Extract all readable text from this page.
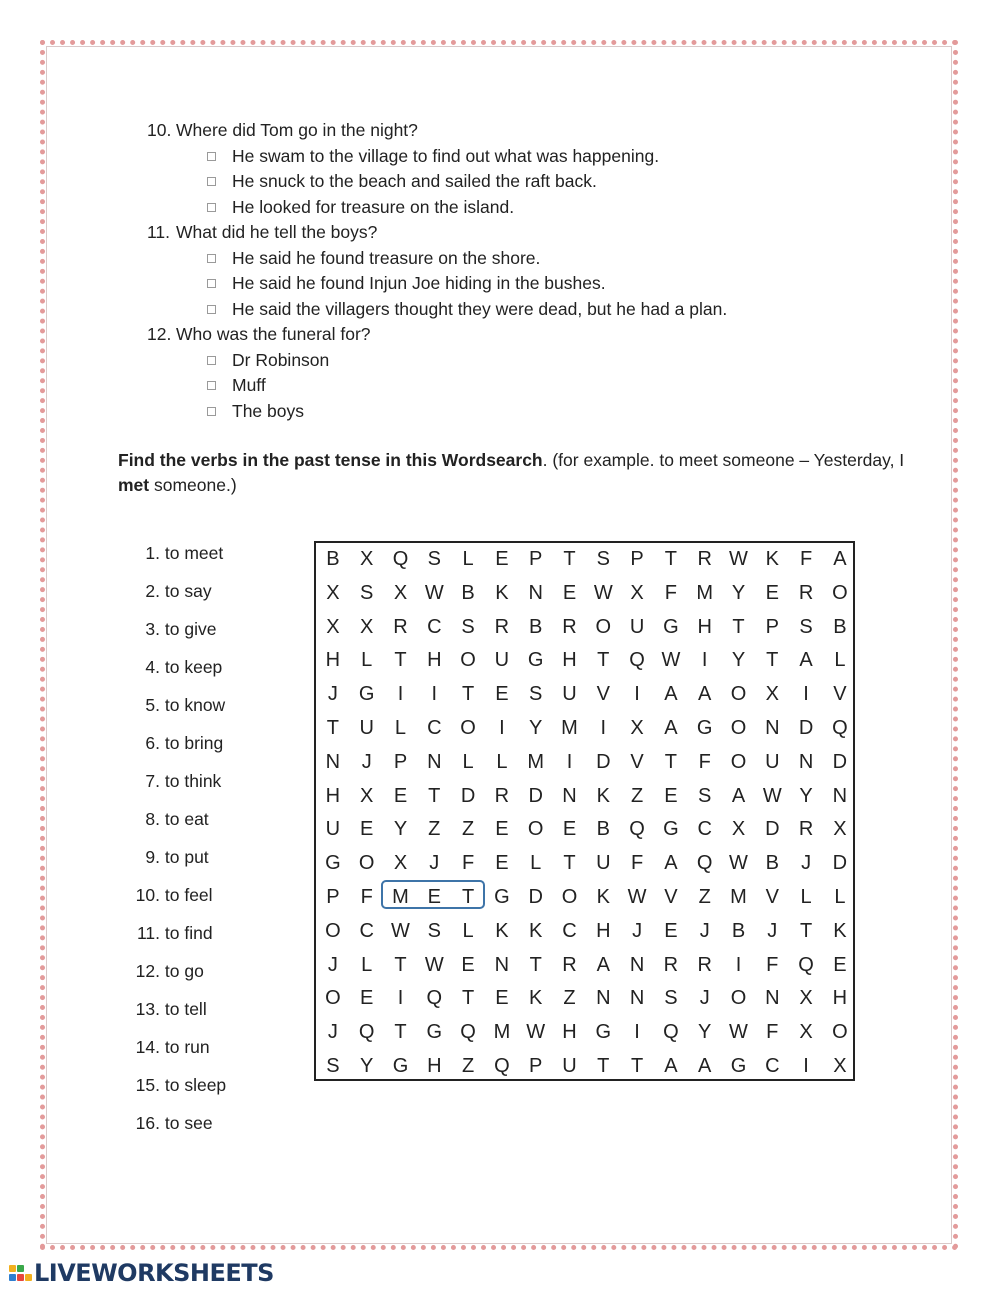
10. Where did Tom go in the night?
He swam to the village to find out what was happening.
He snuck to the beach and sailed the raft back.
He looked for treasure on the island.
11. What did he tell the boys?
He said he found treasure on the shore.
He said he found Injun Joe hiding in the bushes.
He said the villagers thought they were dead, but he had a plan.
12. Who was the funeral for?
Dr Robinson
Muff
The boys
Find the verbs in the past tense in this Wordsearch. (for example. to meet someone – Yesterday, I met someone.)
1. to meet
2. to say
3. to give
4. to keep
5. to know
6. to bring
7. to think
8. to eat
9. to put
10. to feel
11. to find
12. to go
13. to tell
14. to run
15. to sleep
16. to see
B	X Q S	L	E	P	T	S	P	T	R W K	F	A
X	S	X W B	K N E W X	F M Y	E R O
X	X R C S R B R O U G H	T	P	S	B
H	L	T	H O U G H	T Q W	I	Y	T	A	L
J	G	I	I	T	E	S U V	I	A	A O X	I	V
T	U	L	C O	I	Y M	I	X	A G O N D Q
N	J	P N	L	L M	I	D V	T	F O U N D
H X	E	T	D R D N K	Z	E	S	A W Y N
U E	Y	Z	Z	E O E	B Q G C X D R X
G O X	J	F	E	L	T	U	F	A Q W B	J	D
P	F M E	T G D O K W V	Z M V	L	L
O C W S	L	K	K C H	J	E	J	B	J	T	K
J	L	T W E N	T	R A N R R	I	F Q E
O E	I	Q T	E	K	Z	N N S	J	O N X H
J	Q T G Q M W H G	I	Q Y W F	X O
S	Y G H	Z Q P U	T	T	A	A G C	I	X
LIVEWORKSHEETS
